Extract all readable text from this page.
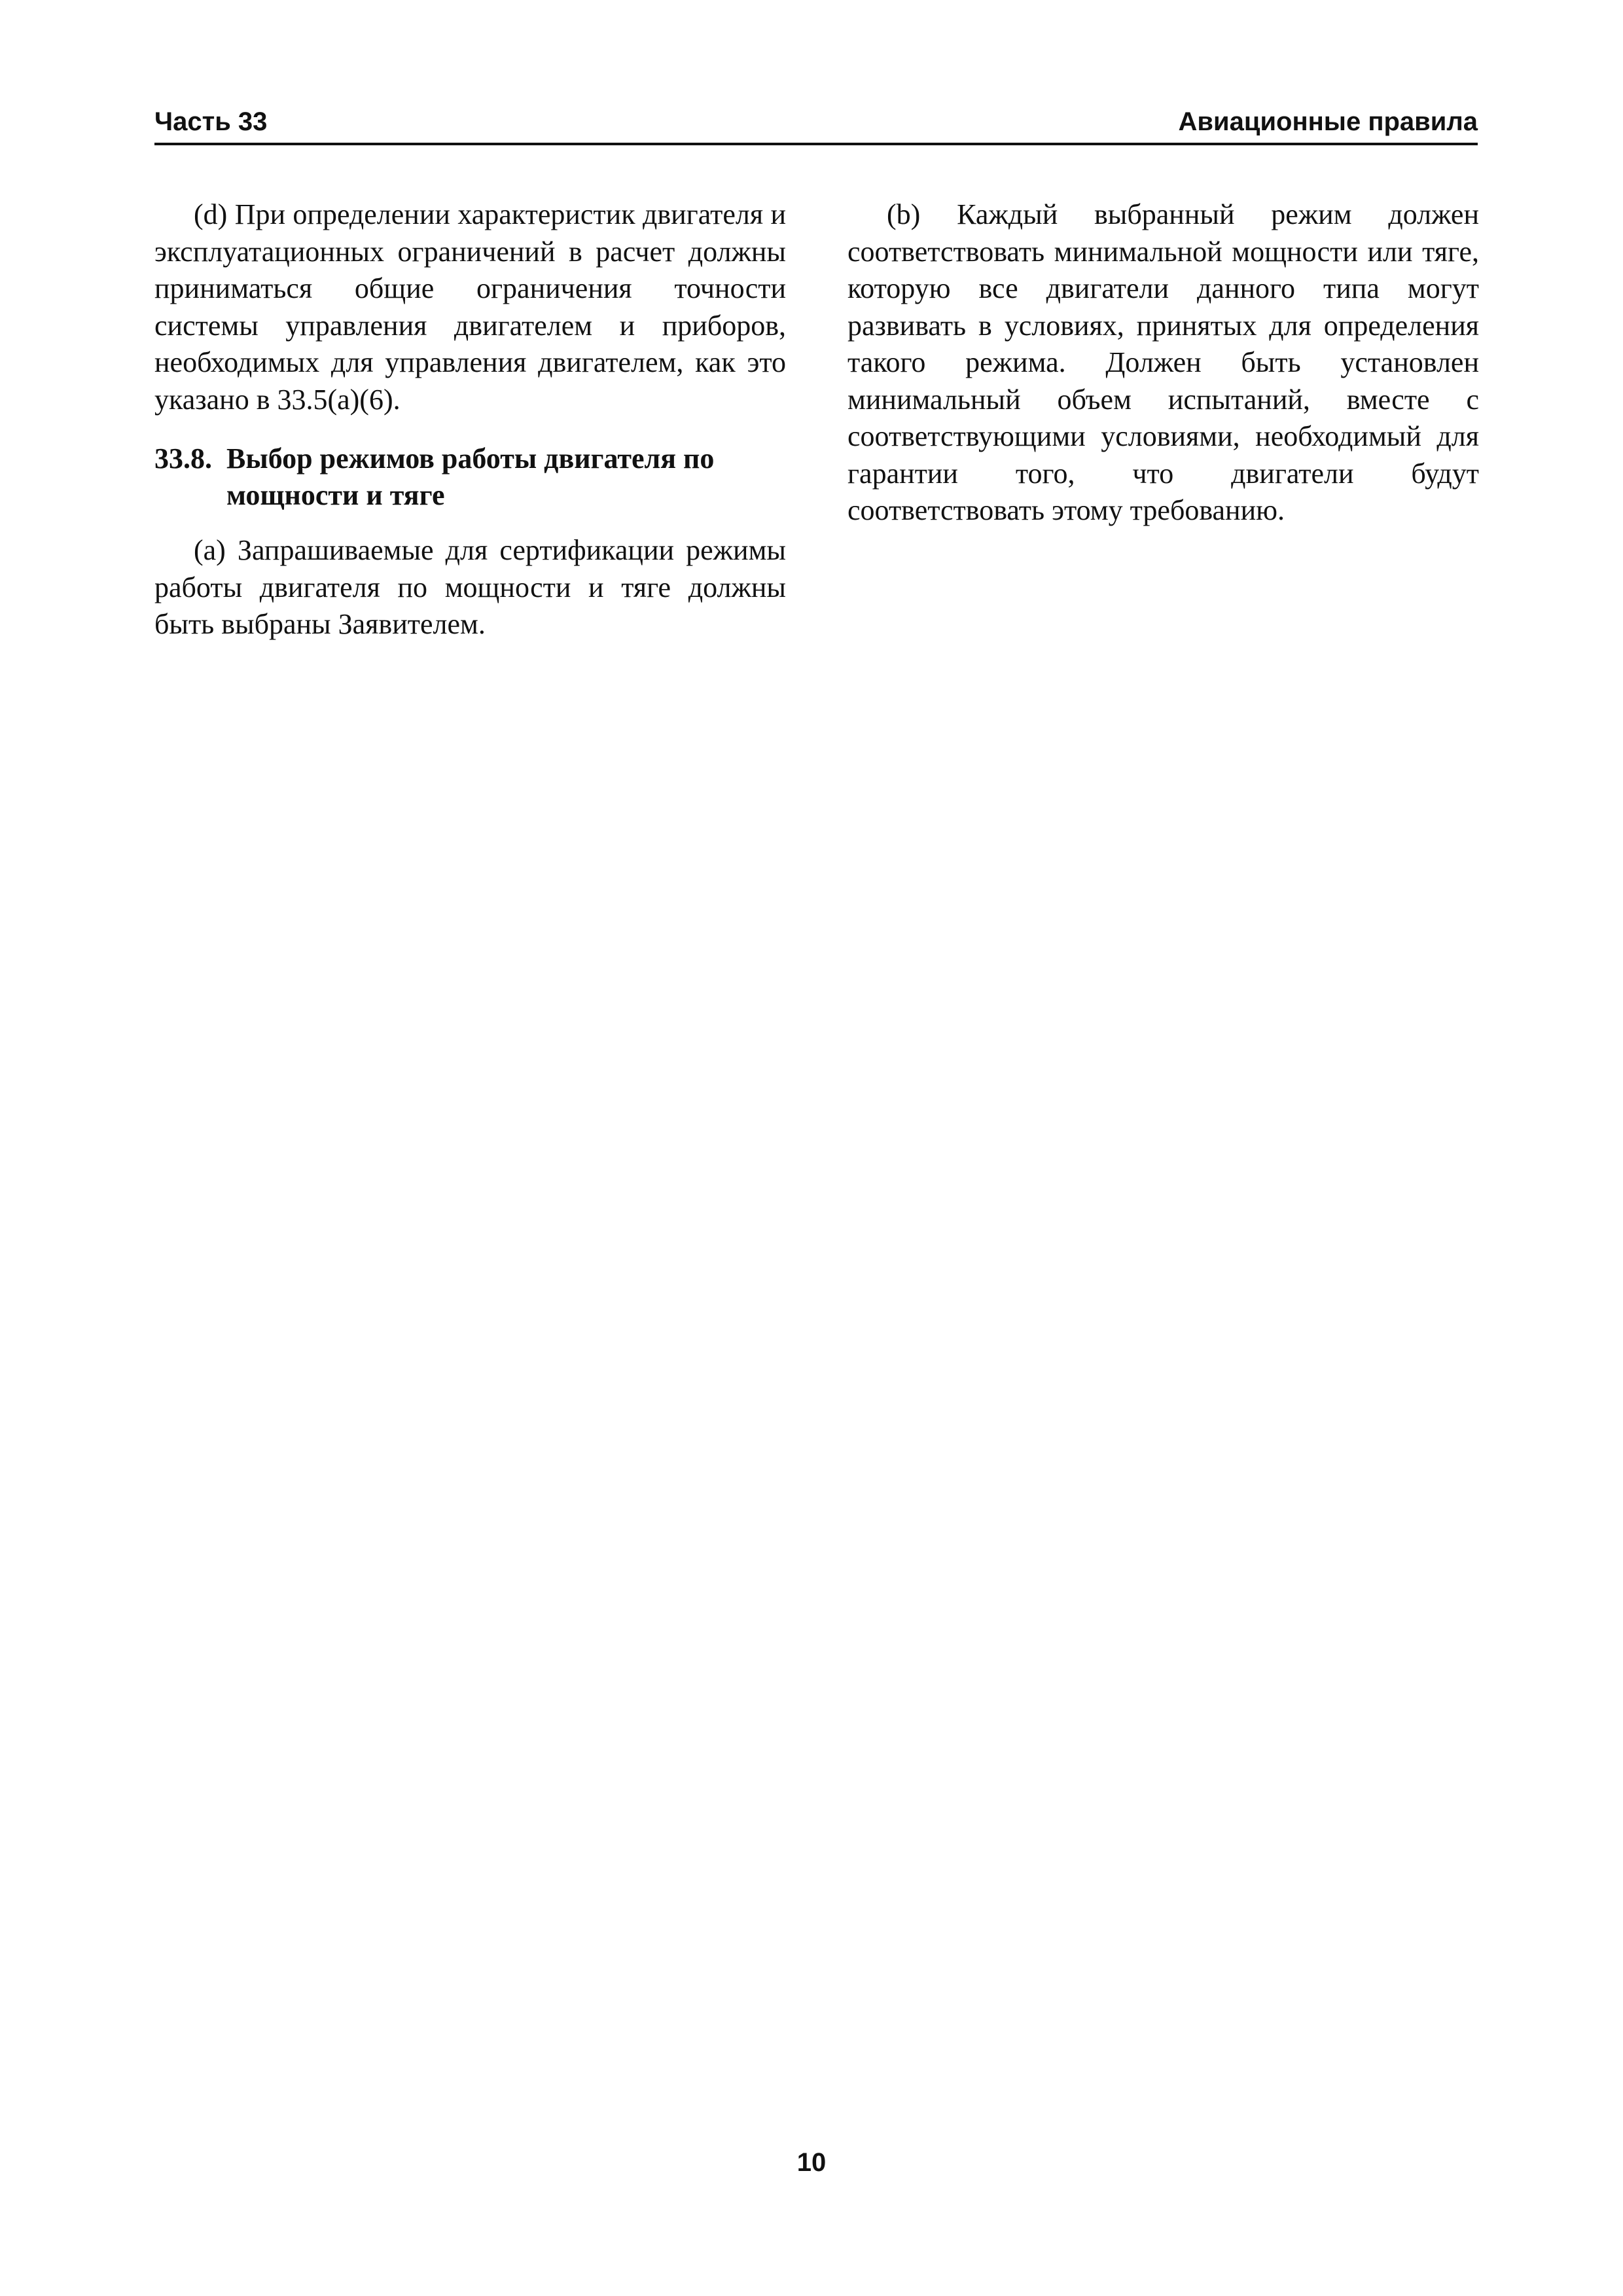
Часть 33	Авиационные правила

(d) При определении характеристик двигателя и эксплуатационных ограничений в расчет должны приниматься общие ограничения точности системы управления двигателем и приборов, необходимых для управления двигателем, как это указано в 33.5(а)(6).

33.8. Выбор режимов работы двигателя по мощности и тяге

(а) Запрашиваемые для сертификации режимы работы двигателя по мощности и тяге должны быть выбраны Заявителем.

(b) Каждый выбранный режим должен соответствовать минимальной мощности или тяге, которую все двигатели данного типа могут развивать в условиях, принятых для определения такого режима. Должен быть установлен минимальный объем испытаний, вместе с соответствующими условиями, необходимый для гарантии того, что двигатели будут соответствовать этому требованию.

10
